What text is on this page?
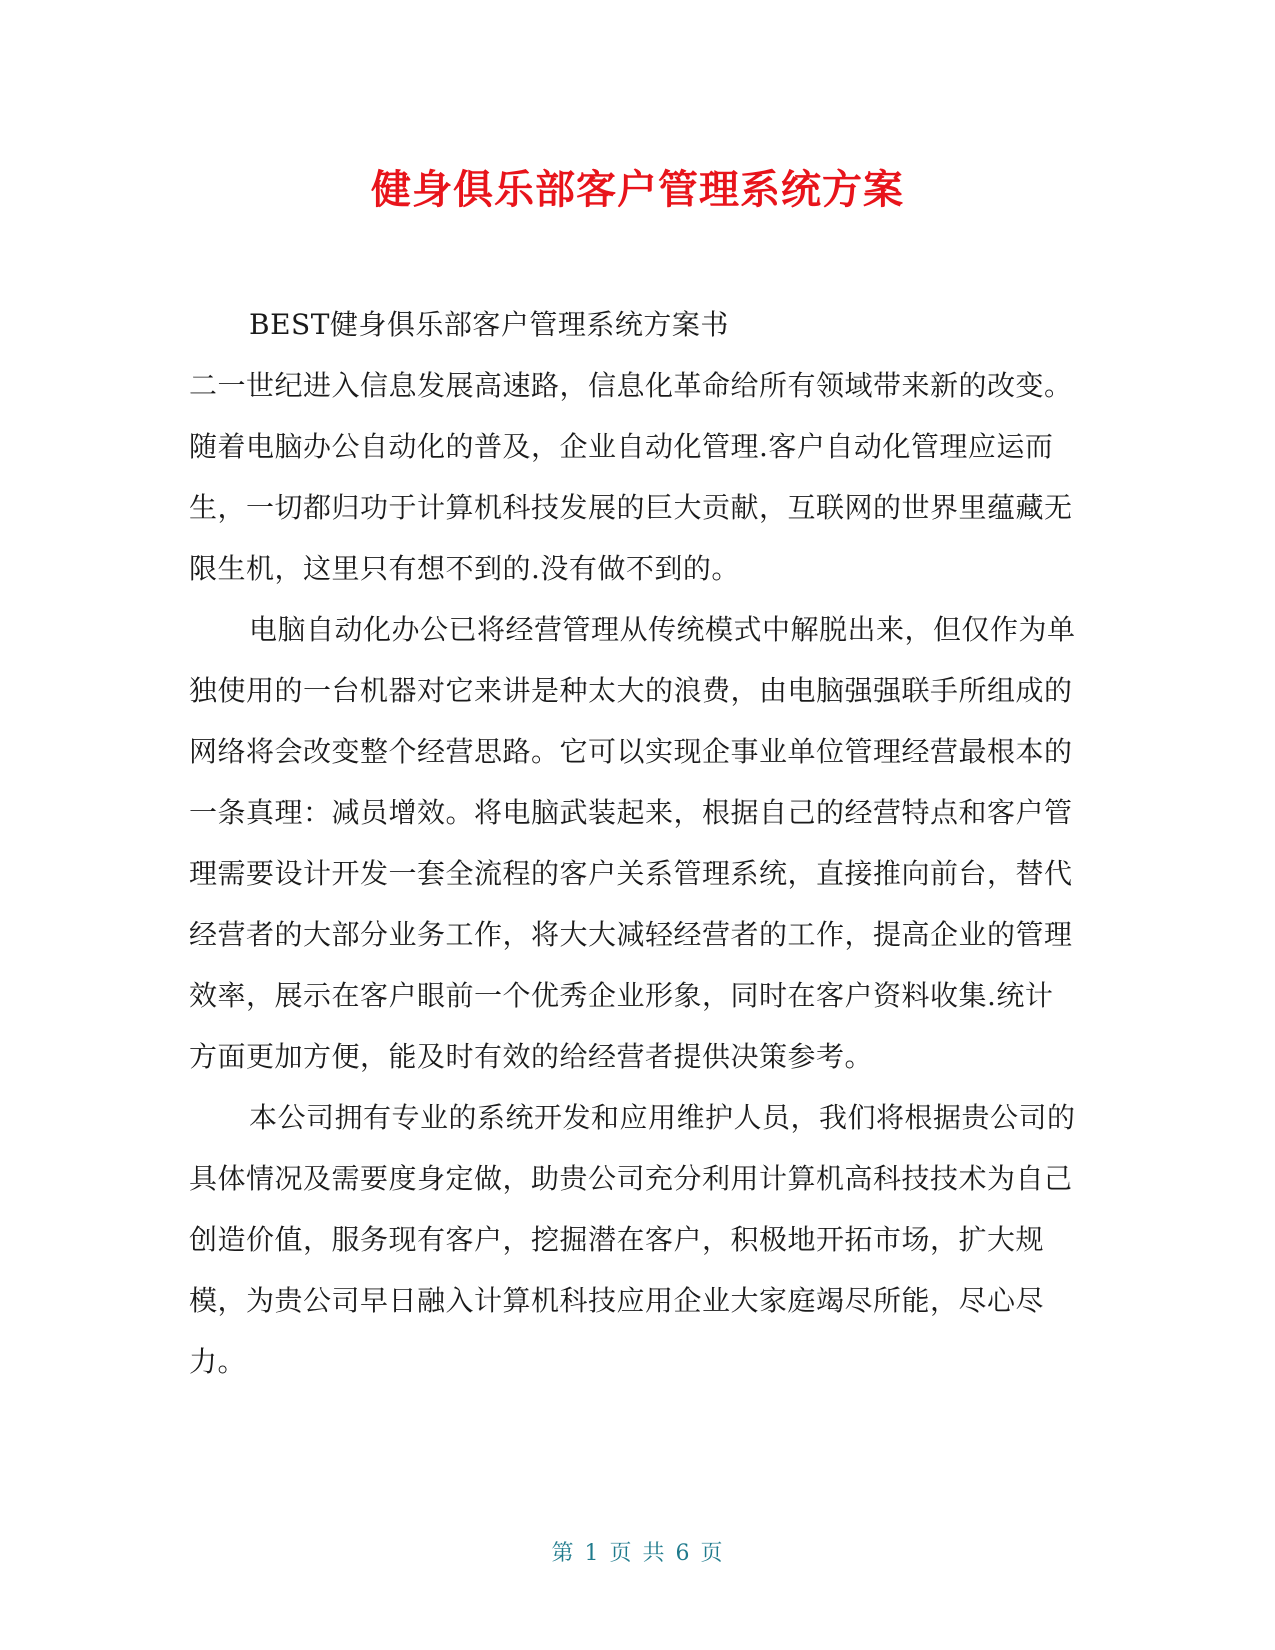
健身俱乐部客户管理系统方案

BEST健身俱乐部客户管理系统方案书

二一世纪进入信息发展高速路，信息化革命给所有领域带来新的改变。随着电脑办公自动化的普及，企业自动化管理.客户自动化管理应运而生，一切都归功于计算机科技发展的巨大贡献，互联网的世界里蕴藏无限生机，这里只有想不到的.没有做不到的。

电脑自动化办公已将经营管理从传统模式中解脱出来，但仅作为单独使用的一台机器对它来讲是种太大的浪费，由电脑强强联手所组成的网络将会改变整个经营思路。它可以实现企事业单位管理经营最根本的一条真理：减员增效。将电脑武装起来，根据自己的经营特点和客户管理需要设计开发一套全流程的客户关系管理系统，直接推向前台，替代经营者的大部分业务工作，将大大减轻经营者的工作，提高企业的管理效率，展示在客户眼前一个优秀企业形象，同时在客户资料收集.统计方面更加方便，能及时有效的给经营者提供决策参考。

本公司拥有专业的系统开发和应用维护人员，我们将根据贵公司的具体情况及需要度身定做，助贵公司充分利用计算机高科技技术为自己创造价值，服务现有客户，挖掘潜在客户，积极地开拓市场，扩大规模，为贵公司早日融入计算机科技应用企业大家庭竭尽所能，尽心尽力。

第 1 页 共 6 页
